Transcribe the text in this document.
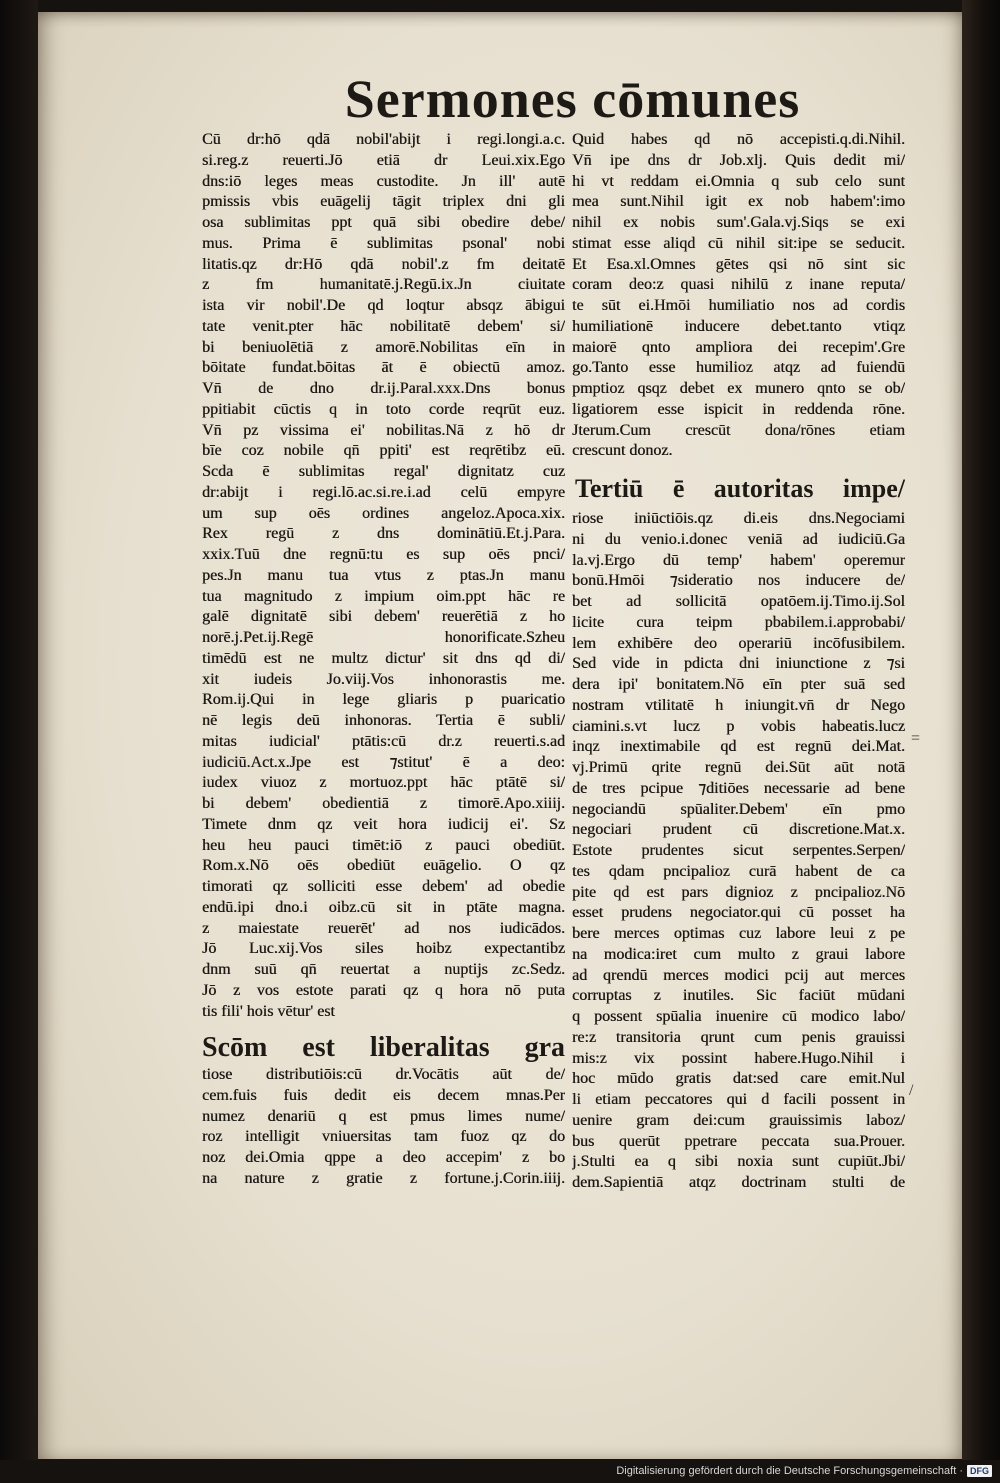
Sermones cōmunes
Cū dr:hō qdā nobil'abijt i regi.longi.a.c.
si.reg.z reuerti.Jō etiā dr Leui.xix.Ego
dns:iō leges meas custodite. Jn ill' autē
pmissis vbis euāgelij tāgit triplex dni gli
osa sublimitas ppt quā sibi obedire debe/
mus. Prima ē sublimitas psonal' nobi
litatis.qz dr:Hō qdā nobil'.z fm deitatē
z fm humanitatē.j.Regū.ix.Jn ciuitate
ista vir nobil'.De qd loqtur absqz ābigui
tate venit.pter hāc nobilitatē debem' si/
bi beniuolētiā z amorē.Nobilitas eīn in
bōitate fundat.bōitas āt ē obiectū amoz.
Vn̄ de dno dr.ij.Paral.xxx.Dns bonus
ppitiabit cūctis q in toto corde reqrūt euz.
Vn̄ pz vissima ei' nobilitas.Nā z hō dr
bīe coz nobile qn̄ ppiti' est reqrētibz eū.
Scda ē sublimitas regal' dignitatz cuz
dr:abijt i regi.lō.ac.si.re.i.ad celū empyre
um sup oēs ordines angeloz.Apoca.xix.
Rex regū z dns dominātiū.Et.j.Para.
xxix.Tuū dne regnū:tu es sup oēs pnci/
pes.Jn manu tua vtus z ptas.Jn manu
tua magnitudo z impium oim.ppt hāc re
galē dignitatē sibi debem' reuerētiā z ho
norē.j.Pet.ij.Regē honorificate.Szheu
timēdū est ne multz dictur' sit dns qd di/
xit iudeis Jo.viij.Vos inhonorastis me.
Rom.ij.Qui in lege gliaris p puaricatio
nē legis deū inhonoras. Tertia ē subli/
mitas iudicial' ptātis:cū dr.z reuerti.s.ad
iudiciū.Act.x.Jpe est ⁊stitut' ē a deo:
iudex viuoz z mortuoz.ppt hāc ptātē si/
bi debem' obedientiā z timorē.Apo.xiiij.
Timete dnm qz veit hora iudicij ei'. Sz
heu heu pauci timēt:iō z pauci obediūt.
Rom.x.Nō oēs obediūt euāgelio. O qz
timorati qz solliciti esse debem' ad obedie
endū.ipi dno.i oibz.cū sit in ptāte magna.
z maiestate reuerēt' ad nos iudicādos.
Jō Luc.xij.Vos siles hoibz expectantibz
dnm suū qn̄ reuertat a nuptijs zc.Sedz.
Jō z vos estote parati qz q hora nō puta
tis fili' hois vētur' est
Scōm est liberalitas gra
tiose distributiōis:cū dr.Vocātis aūt de/
cem.fuis fuis dedit eis decem mnas.Per
numez denariū q est pmus limes nume/
roz intelligit vniuersitas tam fuoz qz do
noz dei.Omia qppe a deo accepim' z bo
na nature z gratie z fortune.j.Corin.iiij.
Quid habes qd nō accepisti.q.di.Nihil.
Vn̄ ipe dns dr Job.xlj. Quis dedit mi/
hi vt reddam ei.Omnia q sub celo sunt
mea sunt.Nihil igit ex nob habem':imo
nihil ex nobis sum'.Gala.vj.Siqs se exi
stimat esse aliqd cū nihil sit:ipe se seducit.
Et Esa.xl.Omnes gētes qsi nō sint sic
coram deo:z quasi nihilū z inane reputa/
te sūt ei.Hmōi humiliatio nos ad cordis
humiliationē inducere debet.tanto vtiqz
maiorē qnto ampliora dei recepim'.Gre
go.Tanto esse humilioz atqz ad fuiendū
pmptioz qsqz debet ex munero qnto se ob/
ligatiorem esse ispicit in reddenda rōne.
Jterum.Cum crescūt dona/rōnes etiam
crescunt donoz.
Tertiū ē autoritas impe/
riose iniūctiōis.qz di.eis dns.Negociami
ni du venio.i.donec veniā ad iudiciū.Ga
la.vj.Ergo dū temp' habem' operemur
bonū.Hmōi ⁊sideratio nos inducere de/
bet ad sollicitā opatōem.ij.Timo.ij.Sol
licite cura teipm pbabilem.i.approbabi/
lem exhibēre deo operariū incōfusibilem.
Sed vide in pdicta dni iniunctione z ⁊si
dera ipi' bonitatem.Nō eīn pter suā sed
nostram vtilitatē h iniungit.vn̄ dr Nego
ciamini.s.vt lucz p vobis habeatis.lucz
inqz inextimabile qd est regnū dei.Mat.
vj.Primū qrite regnū dei.Sūt aūt notā
de tres pcipue ⁊ditiōes necessarie ad bene
negociandū spūaliter.Debem' eīn pmo
negociari prudent cū discretione.Mat.x.
Estote prudentes sicut serpentes.Serpen/
tes qdam pncipalioz curā habent de ca
pite qd est pars dignioz z pncipalioz.Nō
esset prudens negociator.qui cū posset ha
bere merces optimas cuz labore leui z pe
na modica:iret cum multo z graui labore
ad qrendū merces modici pcij aut merces
corruptas z inutiles. Sic faciūt mūdani
q possent spūalia inuenire cū modico labo/
re:z transitoria qrunt cum penis grauissi
mis:z vix possint habere.Hugo.Nihil i
hoc mūdo gratis dat:sed care emit.Nul
li etiam peccatores qui d facili possent in
uenire gram dei:cum grauissimis laboz/
bus querūt ppetrare peccata sua.Prouer.
j.Stulti ea q sibi noxia sunt cupiūt.Jbi/
dem.Sapientiā atqz doctrinam stulti de
=
/
Digitalisierung gefördert durch die Deutsche Forschungsgemeinschaft · DFG
